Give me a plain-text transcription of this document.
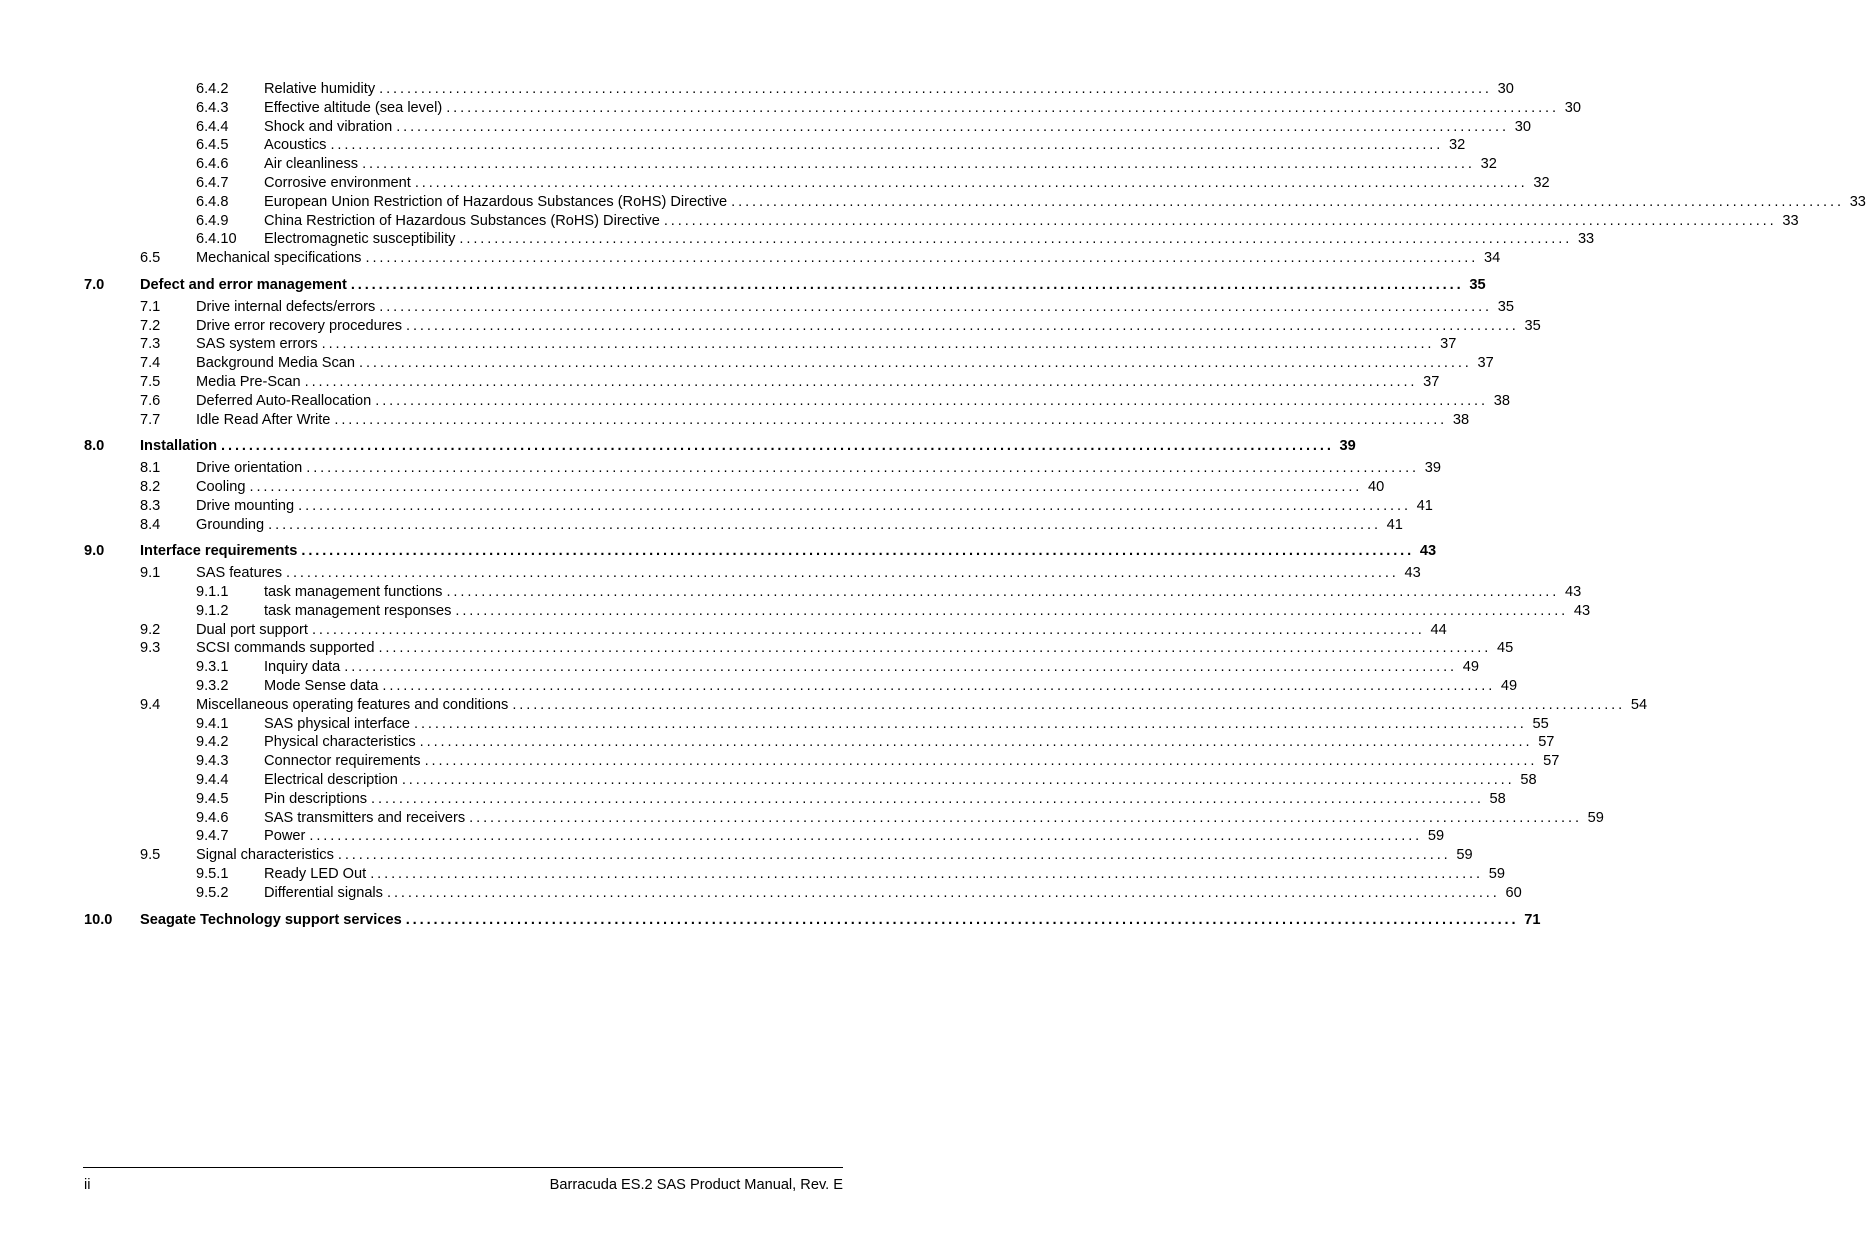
6.4.2 Relative humidity ................................................................................................................................................................ 30
6.4.3 Effective altitude (sea level) ................................................................................................................................................................ 30
6.4.4 Shock and vibration ................................................................................................................................................................ 30
6.4.5 Acoustics ................................................................................................................................................................ 32
6.4.6 Air cleanliness ................................................................................................................................................................ 32
6.4.7 Corrosive environment ................................................................................................................................................................ 32
6.4.8 European Union Restriction of Hazardous Substances (RoHS) Directive ................................................................................................................................................................ 33
6.4.9 China Restriction of Hazardous Substances (RoHS) Directive ................................................................................................................................................................ 33
6.4.10 Electromagnetic susceptibility ................................................................................................................................................................ 33
6.5 Mechanical specifications ................................................................................................................................................................ 34
7.0 Defect and error management ................................................................................................................................................................ 35
7.1 Drive internal defects/errors ................................................................................................................................................................ 35
7.2 Drive error recovery procedures ................................................................................................................................................................ 35
7.3 SAS system errors ................................................................................................................................................................ 37
7.4 Background Media Scan ................................................................................................................................................................ 37
7.5 Media Pre-Scan ................................................................................................................................................................ 37
7.6 Deferred Auto-Reallocation ................................................................................................................................................................ 38
7.7 Idle Read After Write ................................................................................................................................................................ 38
8.0 Installation ................................................................................................................................................................ 39
8.1 Drive orientation ................................................................................................................................................................ 39
8.2 Cooling ................................................................................................................................................................ 40
8.3 Drive mounting ................................................................................................................................................................ 41
8.4 Grounding ................................................................................................................................................................ 41
9.0 Interface requirements ................................................................................................................................................................ 43
9.1 SAS features ................................................................................................................................................................ 43
9.1.1 task management functions ................................................................................................................................................................ 43
9.1.2 task management responses ................................................................................................................................................................ 43
9.2 Dual port support ................................................................................................................................................................ 44
9.3 SCSI commands supported ................................................................................................................................................................ 45
9.3.1 Inquiry data ................................................................................................................................................................ 49
9.3.2 Mode Sense data ................................................................................................................................................................ 49
9.4 Miscellaneous operating features and conditions ................................................................................................................................................................ 54
9.4.1 SAS physical interface ................................................................................................................................................................ 55
9.4.2 Physical characteristics ................................................................................................................................................................ 57
9.4.3 Connector requirements ................................................................................................................................................................ 57
9.4.4 Electrical description ................................................................................................................................................................ 58
9.4.5 Pin descriptions ................................................................................................................................................................ 58
9.4.6 SAS transmitters and receivers ................................................................................................................................................................ 59
9.4.7 Power ................................................................................................................................................................ 59
9.5 Signal characteristics ................................................................................................................................................................ 59
9.5.1 Ready LED Out ................................................................................................................................................................ 59
9.5.2 Differential signals ................................................................................................................................................................ 60
10.0 Seagate Technology support services ................................................................................................................................................................ 71
ii	Barracuda ES.2 SAS Product Manual, Rev. E
